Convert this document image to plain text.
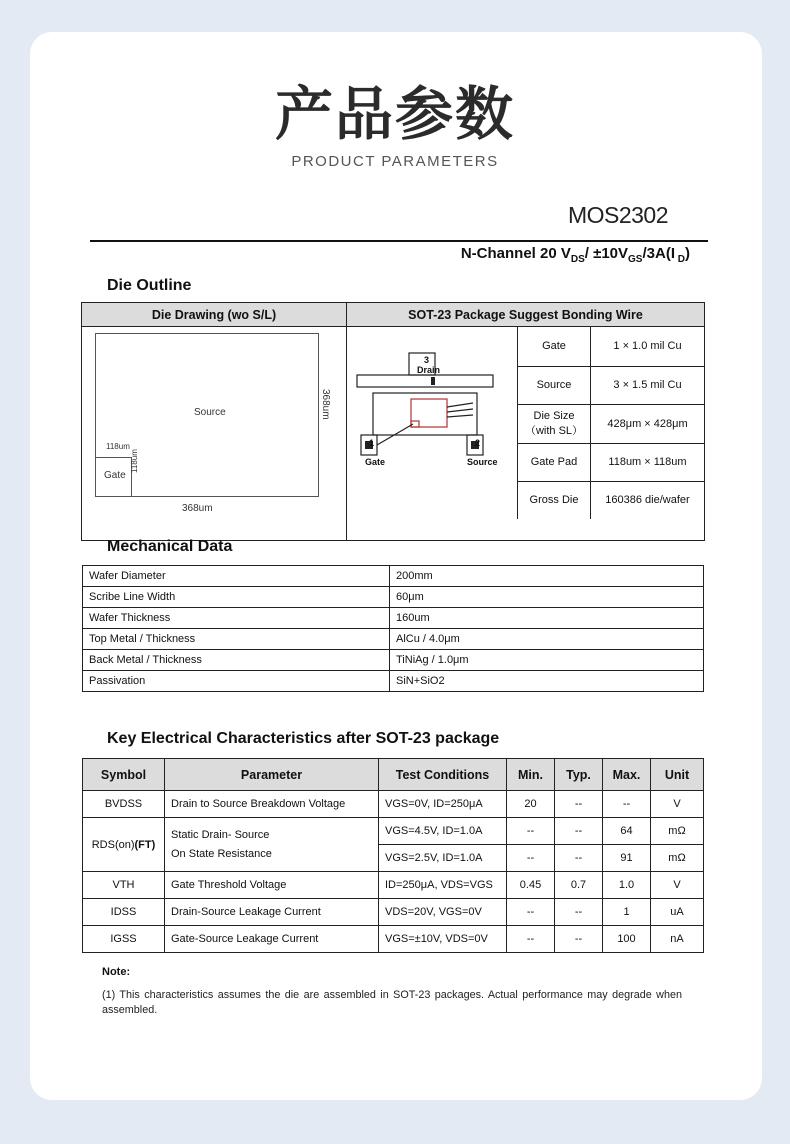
产品参数
PRODUCT PARAMETERS
MOS2302
N-Channel 20 $V_{DS}/ \pm 10V_{GS}/3A(I$ $_D$)
Die Outline
Die Drawing (wo S/L)	SOT-23 Package Suggest Bonding Wire

Source
Gate
118um
118um
368um
368um

3
Drain
1
Gate
2
Source

Gate	1 × 1.0 mil Cu
Source	3 × 1.5 mil Cu
Die Size
（with SL）	428μm × 428μm
Gate Pad	118um × 118um
Gross Die	160386 die/wafer
Mechanical Data
Wafer Diameter	200mm
Scribe Line Width	60μm
Wafer Thickness	160um
Top Metal / Thickness	AlCu / 4.0μm
Back Metal / Thickness	TiNiAg / 1.0μm
Passivation	SiN+SiO2
Key Electrical Characteristics after SOT-23 package
Symbol	Parameter	Test Conditions	Min.	Typ.	Max.	Unit
BVDSS	Drain to Source Breakdown Voltage	VGS=0V, ID=250μA	20	--	--	V
RDS(on)(FT)	Static Drain- Source
On State Resistance	VGS=4.5V, ID=1.0A	--	--	64	mΩ
		VGS=2.5V, ID=1.0A	--	--	91	mΩ
VTH	Gate Threshold Voltage	ID=250μA, VDS=VGS	0.45	0.7	1.0	V
IDSS	Drain-Source Leakage Current	VDS=20V, VGS=0V	--	--	1	uA
IGSS	Gate-Source Leakage Current	VGS=±10V, VDS=0V	--	--	100	nA
Note:
(1) This characteristics assumes the die are assembled in SOT-23 packages. Actual performance may degrade when assembled.
